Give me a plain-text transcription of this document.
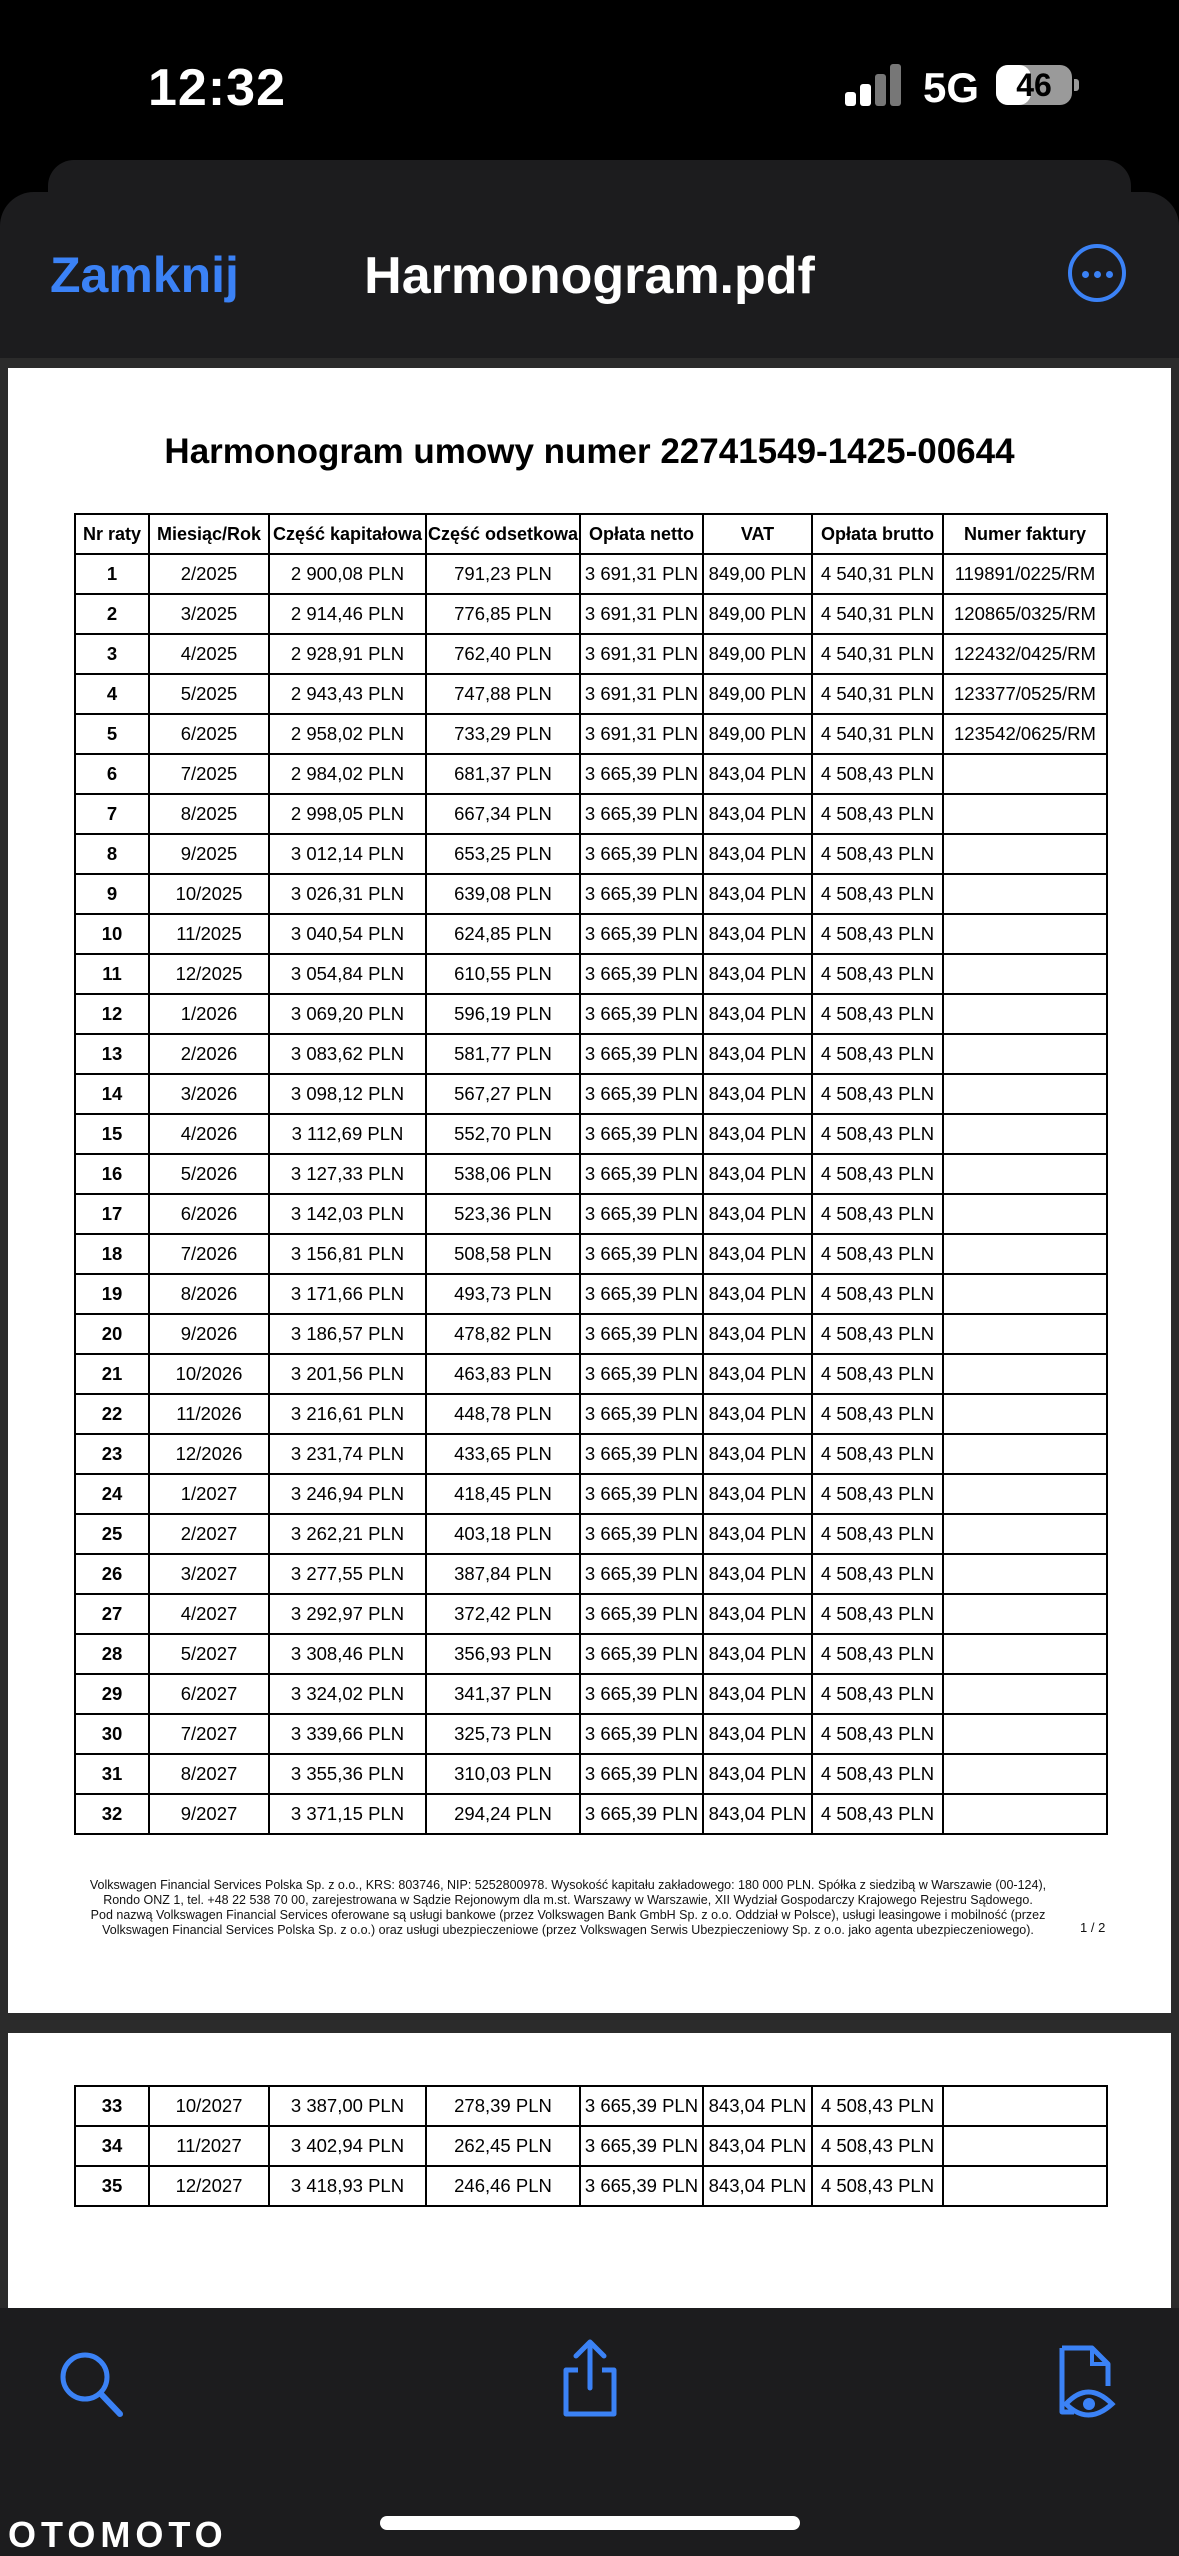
12:32	5G	46
Harmonogram.pdf
Zamknij
Harmonogram umowy numer 22741549-1425-00644
Nr raty	Miesiąc/Rok	Część kapitałowa	Część odsetkowa	Opłata netto	VAT	Opłata brutto	Numer faktury
1	2/2025	2 900,08 PLN	791,23 PLN	3 691,31 PLN	849,00 PLN	4 540,31 PLN	119891/0225/RM
2	3/2025	2 914,46 PLN	776,85 PLN	3 691,31 PLN	849,00 PLN	4 540,31 PLN	120865/0325/RM
3	4/2025	2 928,91 PLN	762,40 PLN	3 691,31 PLN	849,00 PLN	4 540,31 PLN	122432/0425/RM
4	5/2025	2 943,43 PLN	747,88 PLN	3 691,31 PLN	849,00 PLN	4 540,31 PLN	123377/0525/RM
5	6/2025	2 958,02 PLN	733,29 PLN	3 691,31 PLN	849,00 PLN	4 540,31 PLN	123542/0625/RM
6	7/2025	2 984,02 PLN	681,37 PLN	3 665,39 PLN	843,04 PLN	4 508,43 PLN	
7	8/2025	2 998,05 PLN	667,34 PLN	3 665,39 PLN	843,04 PLN	4 508,43 PLN	
8	9/2025	3 012,14 PLN	653,25 PLN	3 665,39 PLN	843,04 PLN	4 508,43 PLN	
9	10/2025	3 026,31 PLN	639,08 PLN	3 665,39 PLN	843,04 PLN	4 508,43 PLN	
10	11/2025	3 040,54 PLN	624,85 PLN	3 665,39 PLN	843,04 PLN	4 508,43 PLN	
11	12/2025	3 054,84 PLN	610,55 PLN	3 665,39 PLN	843,04 PLN	4 508,43 PLN	
12	1/2026	3 069,20 PLN	596,19 PLN	3 665,39 PLN	843,04 PLN	4 508,43 PLN	
13	2/2026	3 083,62 PLN	581,77 PLN	3 665,39 PLN	843,04 PLN	4 508,43 PLN	
14	3/2026	3 098,12 PLN	567,27 PLN	3 665,39 PLN	843,04 PLN	4 508,43 PLN	
15	4/2026	3 112,69 PLN	552,70 PLN	3 665,39 PLN	843,04 PLN	4 508,43 PLN	
16	5/2026	3 127,33 PLN	538,06 PLN	3 665,39 PLN	843,04 PLN	4 508,43 PLN	
17	6/2026	3 142,03 PLN	523,36 PLN	3 665,39 PLN	843,04 PLN	4 508,43 PLN	
18	7/2026	3 156,81 PLN	508,58 PLN	3 665,39 PLN	843,04 PLN	4 508,43 PLN	
19	8/2026	3 171,66 PLN	493,73 PLN	3 665,39 PLN	843,04 PLN	4 508,43 PLN	
20	9/2026	3 186,57 PLN	478,82 PLN	3 665,39 PLN	843,04 PLN	4 508,43 PLN	
21	10/2026	3 201,56 PLN	463,83 PLN	3 665,39 PLN	843,04 PLN	4 508,43 PLN	
22	11/2026	3 216,61 PLN	448,78 PLN	3 665,39 PLN	843,04 PLN	4 508,43 PLN	
23	12/2026	3 231,74 PLN	433,65 PLN	3 665,39 PLN	843,04 PLN	4 508,43 PLN	
24	1/2027	3 246,94 PLN	418,45 PLN	3 665,39 PLN	843,04 PLN	4 508,43 PLN	
25	2/2027	3 262,21 PLN	403,18 PLN	3 665,39 PLN	843,04 PLN	4 508,43 PLN	
26	3/2027	3 277,55 PLN	387,84 PLN	3 665,39 PLN	843,04 PLN	4 508,43 PLN	
27	4/2027	3 292,97 PLN	372,42 PLN	3 665,39 PLN	843,04 PLN	4 508,43 PLN	
28	5/2027	3 308,46 PLN	356,93 PLN	3 665,39 PLN	843,04 PLN	4 508,43 PLN	
29	6/2027	3 324,02 PLN	341,37 PLN	3 665,39 PLN	843,04 PLN	4 508,43 PLN	
30	7/2027	3 339,66 PLN	325,73 PLN	3 665,39 PLN	843,04 PLN	4 508,43 PLN	
31	8/2027	3 355,36 PLN	310,03 PLN	3 665,39 PLN	843,04 PLN	4 508,43 PLN	
32	9/2027	3 371,15 PLN	294,24 PLN	3 665,39 PLN	843,04 PLN	4 508,43 PLN	
Volkswagen Financial Services Polska Sp. z o.o., KRS: 803746, NIP: 5252800978. Wysokość kapitału zakładowego: 180 000 PLN. Spółka z siedzibą w Warszawie (00-124),
Rondo ONZ 1, tel. +48 22 538 70 00, zarejestrowana w Sądzie Rejonowym dla m.st. Warszawy w Warszawie, XII Wydział Gospodarczy Krajowego Rejestru Sądowego.
Pod nazwą Volkswagen Financial Services oferowane są usługi bankowe (przez Volkswagen Bank GmbH Sp. z o.o. Oddział w Polsce), usługi leasingowe i mobilność (przez
Volkswagen Financial Services Polska Sp. z o.o.) oraz usługi ubezpieczeniowe (przez Volkswagen Serwis Ubezpieczeniowy Sp. z o.o. jako agenta ubezpieczeniowego).	1 / 2
33	10/2027	3 387,00 PLN	278,39 PLN	3 665,39 PLN	843,04 PLN	4 508,43 PLN	
34	11/2027	3 402,94 PLN	262,45 PLN	3 665,39 PLN	843,04 PLN	4 508,43 PLN	
35	12/2027	3 418,93 PLN	246,46 PLN	3 665,39 PLN	843,04 PLN	4 508,43 PLN	
OTOMOTO
